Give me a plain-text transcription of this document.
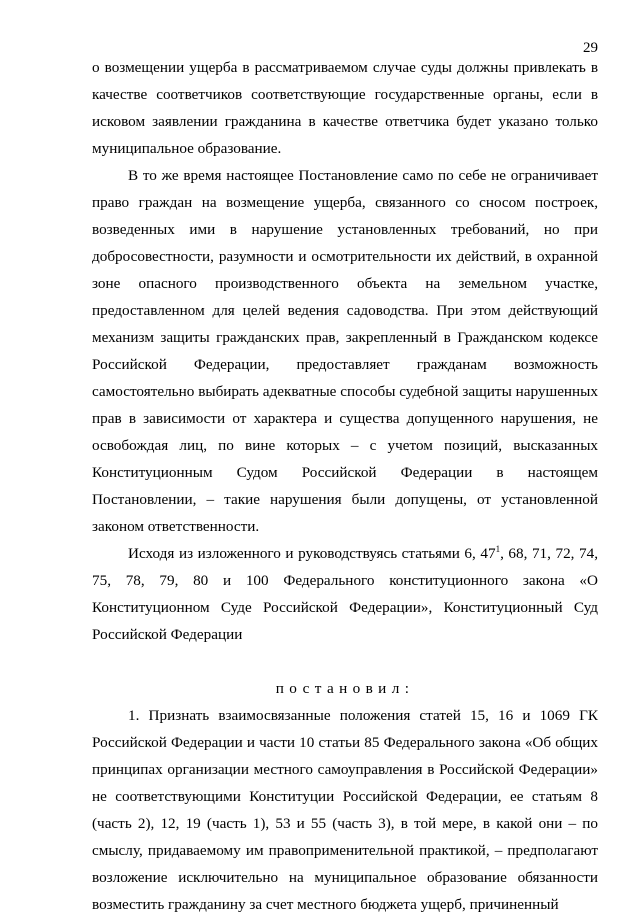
29

о возмещении ущерба в рассматриваемом случае суды должны привлекать в качестве соответчиков соответствующие государственные органы, если в исковом заявлении гражданина в качестве ответчика будет указано только муниципальное образование.

В то же время настоящее Постановление само по себе не ограничивает право граждан на возмещение ущерба, связанного со сносом построек, возведенных ими в нарушение установленных требований, но при добросовестности, разумности и осмотрительности их действий, в охранной зоне опасного производственного объекта на земельном участке, предоставленном для целей ведения садоводства. При этом действующий механизм защиты гражданских прав, закрепленный в Гражданском кодексе Российской Федерации, предоставляет гражданам возможность самостоятельно выбирать адекватные способы судебной защиты нарушенных прав в зависимости от характера и существа допущенного нарушения, не освобождая лиц, по вине которых – с учетом позиций, высказанных Конституционным Судом Российской Федерации в настоящем Постановлении, – такие нарушения были допущены, от установленной законом ответственности.

Исходя из изложенного и руководствуясь статьями 6, $47^1$, 68, 71, 72, 74, 75, 78, 79, 80 и 100 Федерального конституционного закона «О Конституционном Суде Российской Федерации», Конституционный Суд Российской Федерации

постановил:

1. Признать взаимосвязанные положения статей 15, 16 и 1069 ГК Российской Федерации и части 10 статьи 85 Федерального закона «Об общих принципах организации местного самоуправления в Российской Федерации» не соответствующими Конституции Российской Федерации, ее статьям 8 (часть 2), 12, 19 (часть 1), 53 и 55 (часть 3), в той мере, в какой они – по смыслу, придаваемому им правоприменительной практикой, – предполагают возложение исключительно на муниципальное образование обязанности возместить гражданину за счет местного бюджета ущерб, причиненный
